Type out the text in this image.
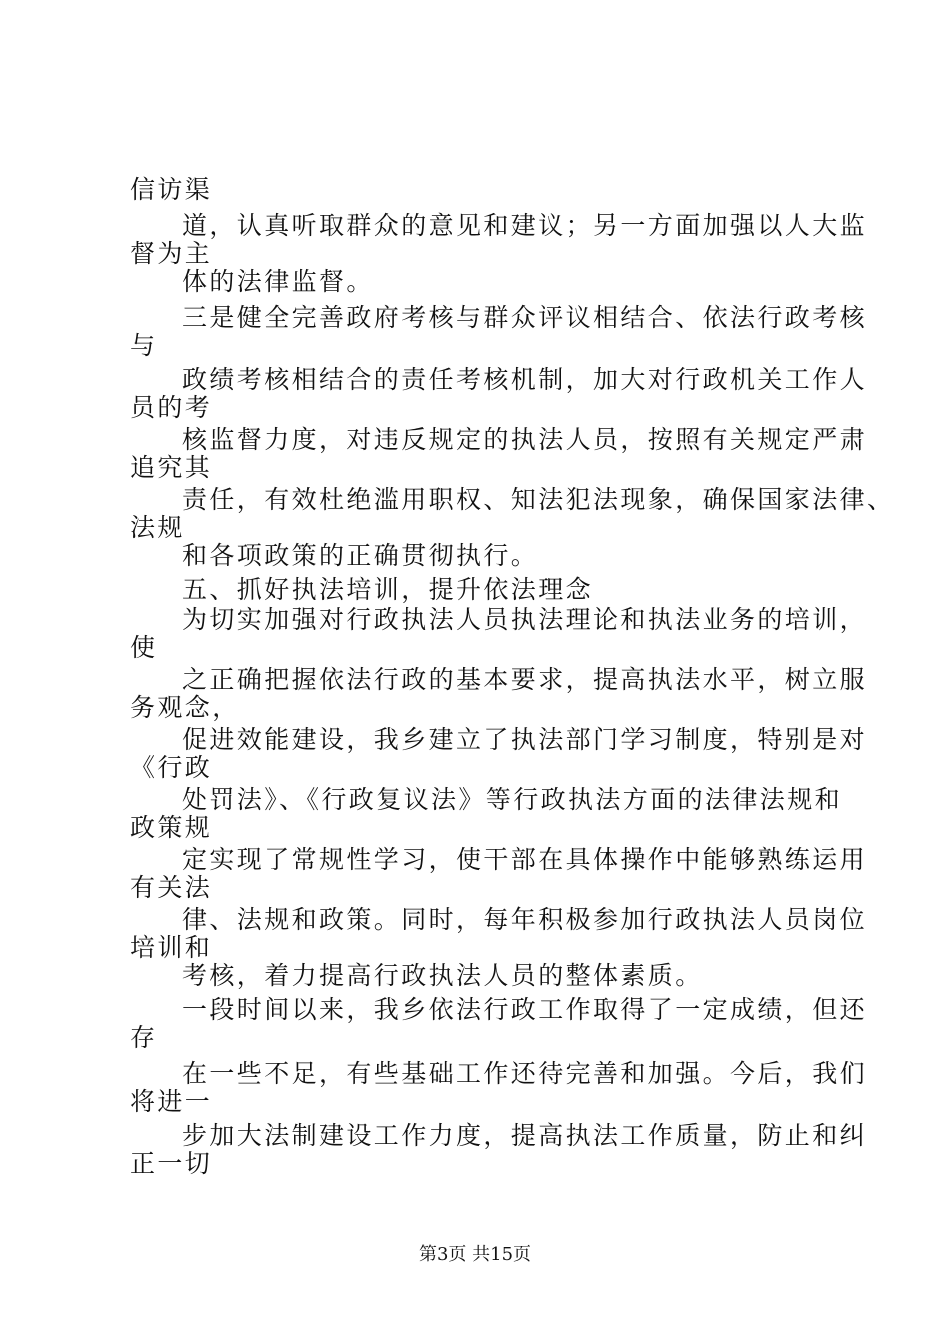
信访渠
道，认真听取群众的意见和建议；另一方面加强以人大监
督为主
体的法律监督。
三是健全完善政府考核与群众评议相结合、依法行政考核
与
政绩考核相结合的责任考核机制，加大对行政机关工作人
员的考
核监督力度，对违反规定的执法人员，按照有关规定严肃
追究其
责任，有效杜绝滥用职权、知法犯法现象，确保国家法律、
法规
和各项政策的正确贯彻执行。
五、抓好执法培训，提升依法理念
为切实加强对行政执法人员执法理论和执法业务的培训，
使
之正确把握依法行政的基本要求，提高执法水平，树立服
务观念，
促进效能建设，我乡建立了执法部门学习制度，特别是对
《行政
处罚法》、《行政复议法》等行政执法方面的法律法规和
政策规
定实现了常规性学习，使干部在具体操作中能够熟练运用
有关法
律、法规和政策。同时，每年积极参加行政执法人员岗位
培训和
考核，着力提高行政执法人员的整体素质。
一段时间以来，我乡依法行政工作取得了一定成绩，但还
存
在一些不足，有些基础工作还待完善和加强。今后，我们
将进一
步加大法制建设工作力度，提高执法工作质量，防止和纠
正一切
第3页 共15页
